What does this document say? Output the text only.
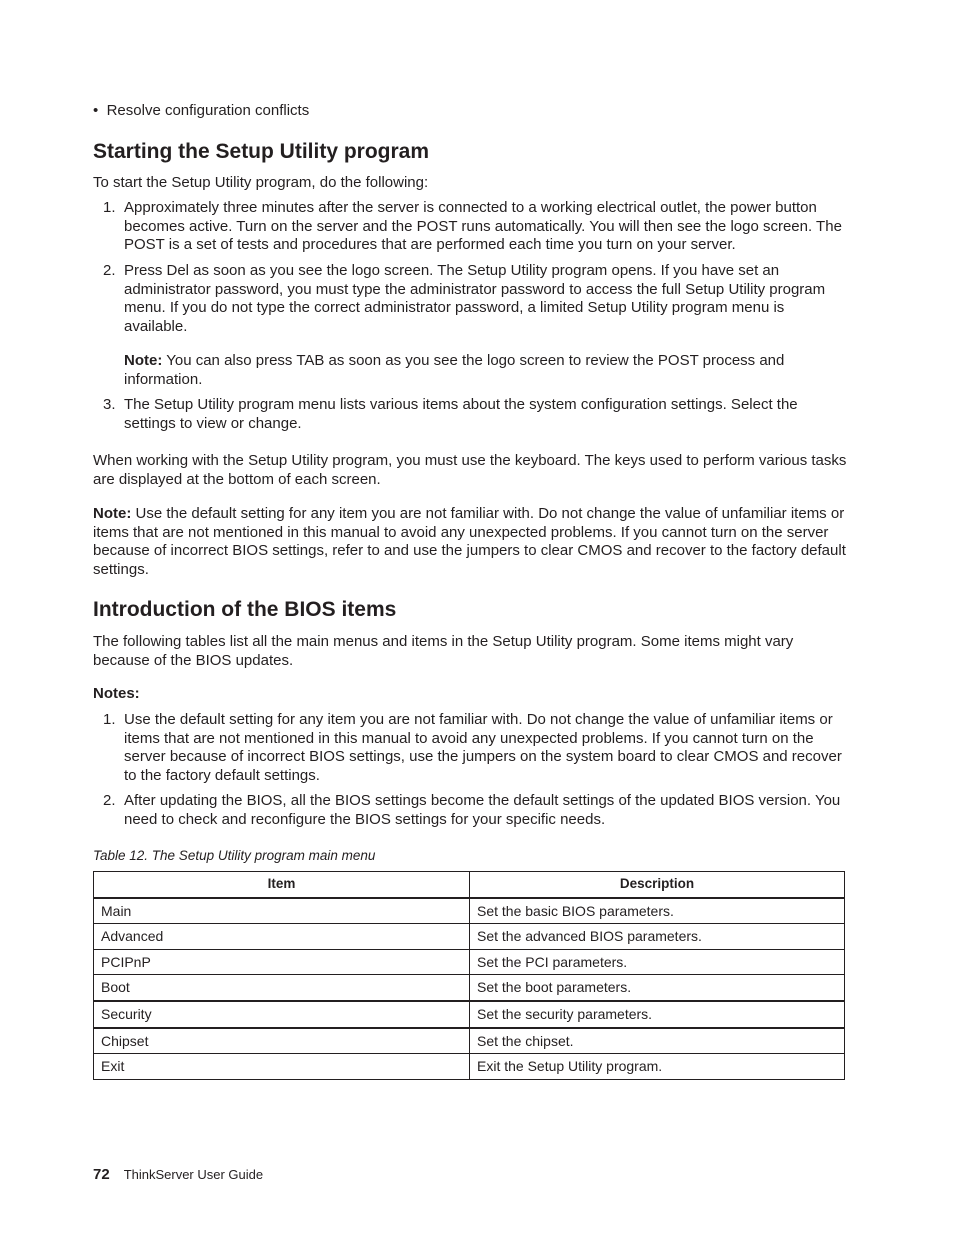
•  Resolve configuration conflicts

Starting the Setup Utility program

To start the Setup Utility program, do the following:

1. Approximately three minutes after the server is connected to a working electrical outlet, the power button becomes active. Turn on the server and the POST runs automatically. You will then see the logo screen. The POST is a set of tests and procedures that are performed each time you turn on your server.

2. Press Del as soon as you see the logo screen. The Setup Utility program opens. If you have set an administrator password, you must type the administrator password to access the full Setup Utility program menu. If you do not type the correct administrator password, a limited Setup Utility program menu is available.

Note: You can also press TAB as soon as you see the logo screen to review the POST process and information.

3. The Setup Utility program menu lists various items about the system configuration settings. Select the settings to view or change.

When working with the Setup Utility program, you must use the keyboard. The keys used to perform various tasks are displayed at the bottom of each screen.

Note: Use the default setting for any item you are not familiar with. Do not change the value of unfamiliar items or items that are not mentioned in this manual to avoid any unexpected problems. If you cannot turn on the server because of incorrect BIOS settings, refer to and use the jumpers to clear CMOS and recover to the factory default settings.

Introduction of the BIOS items

The following tables list all the main menus and items in the Setup Utility program. Some items might vary because of the BIOS updates.

Notes:

1. Use the default setting for any item you are not familiar with. Do not change the value of unfamiliar items or items that are not mentioned in this manual to avoid any unexpected problems. If you cannot turn on the server because of incorrect BIOS settings, use the jumpers on the system board to clear CMOS and recover to the factory default settings.

2. After updating the BIOS, all the BIOS settings become the default settings of the updated BIOS version. You need to check and reconfigure the BIOS settings for your specific needs.

Table 12. The Setup Utility program main menu

Item	Description
Main	Set the basic BIOS parameters.
Advanced	Set the advanced BIOS parameters.
PCIPnP	Set the PCI parameters.
Boot	Set the boot parameters.
Security	Set the security parameters.
Chipset	Set the chipset.
Exit	Exit the Setup Utility program.
72 ThinkServer User Guide
